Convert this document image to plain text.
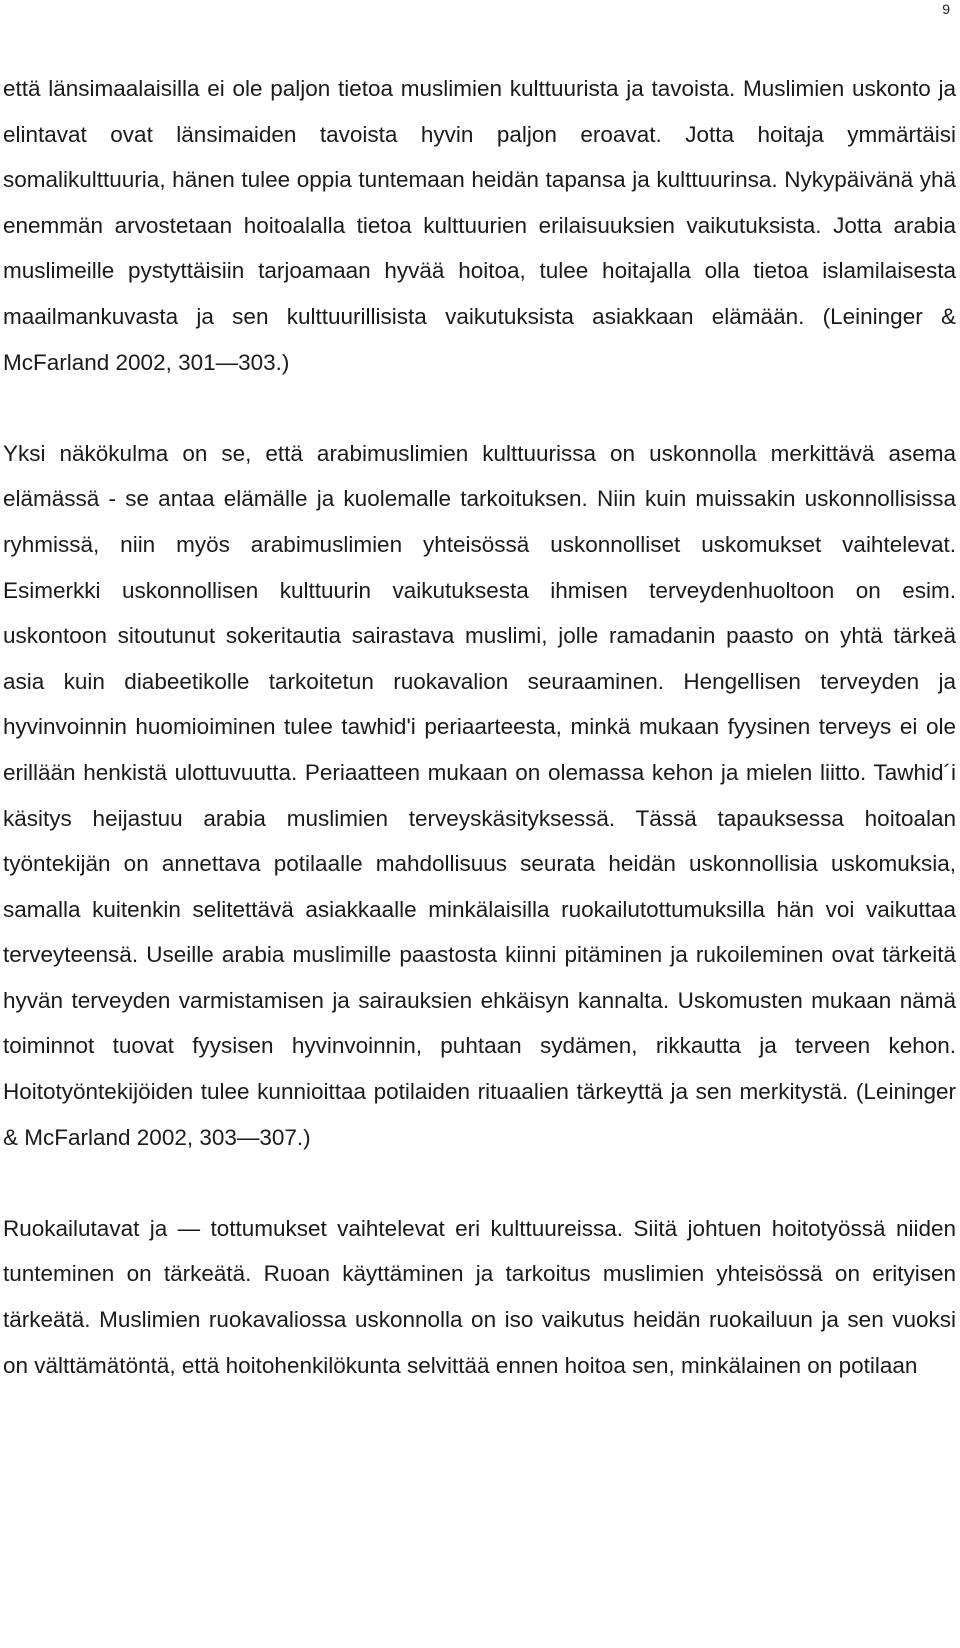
9

että länsimaalaisilla ei ole paljon tietoa muslimien kulttuurista ja tavoista. Muslimien uskonto ja elintavat ovat länsimaiden tavoista hyvin paljon eroavat. Jotta hoitaja ymmärtäisi somalikulttuuria, hänen tulee oppia tuntemaan heidän tapansa ja kulttuurinsa. Nykypäivänä yhä enemmän arvostetaan hoitoalalla tietoa kulttuurien erilaisuuksien vaikutuksista. Jotta arabia muslimeille pystyttäisiin tarjoamaan hyvää hoitoa, tulee hoitajalla olla tietoa islamilaisesta maailmankuvasta ja sen kulttuurillisista vaikutuksista asiakkaan elämään. (Leininger & McFarland 2002, 301—303.)

Yksi näkökulma on se, että arabimuslimien kulttuurissa on uskonnolla merkittävä asema elämässä - se antaa elämälle ja kuolemalle tarkoituksen. Niin kuin muissakin uskonnollisissa ryhmissä, niin myös arabimuslimien yhteisössä uskonnolliset uskomukset vaihtelevat. Esimerkki uskonnollisen kulttuurin vaikutuksesta ihmisen terveydenhuoltoon on esim. uskontoon sitoutunut sokeritautia sairastava muslimi, jolle ramadanin paasto on yhtä tärkeä asia kuin diabeetikolle tarkoitetun ruokavalion seuraaminen. Hengellisen terveyden ja hyvinvoinnin huomioiminen tulee tawhid'i periaarteesta, minkä mukaan fyysinen terveys ei ole erillään henkistä ulottuvuutta. Periaatteen mukaan on olemassa kehon ja mielen liitto. Tawhid´i käsitys heijastuu arabia muslimien terveyskäsityksessä. Tässä tapauksessa hoitoalan työntekijän on annettava potilaalle mahdollisuus seurata heidän uskonnollisia uskomuksia, samalla kuitenkin selitettävä asiakkaalle minkälaisilla ruokailutottumuksilla hän voi vaikuttaa terveyteensä. Useille arabia muslimille paastosta kiinni pitäminen ja rukoileminen ovat tärkeitä hyvän terveyden varmistamisen ja sairauksien ehkäisyn kannalta. Uskomusten mukaan nämä toiminnot tuovat fyysisen hyvinvoinnin, puhtaan sydämen, rikkautta ja terveen kehon. Hoitotyöntekijöiden tulee kunnioittaa potilaiden rituaalien tärkeyttä ja sen merkitystä. (Leininger & McFarland 2002, 303—307.)

Ruokailutavat ja — tottumukset vaihtelevat eri kulttuureissa. Siitä johtuen hoitotyössä niiden tunteminen on tärkeätä. Ruoan käyttäminen ja tarkoitus muslimien yhteisössä on erityisen tärkeätä. Muslimien ruokavaliossa uskonnolla on iso vaikutus heidän ruokailuun ja sen vuoksi on välttämätöntä, että hoitohenkilökunta selvittää ennen hoitoa sen, minkälainen on potilaan
